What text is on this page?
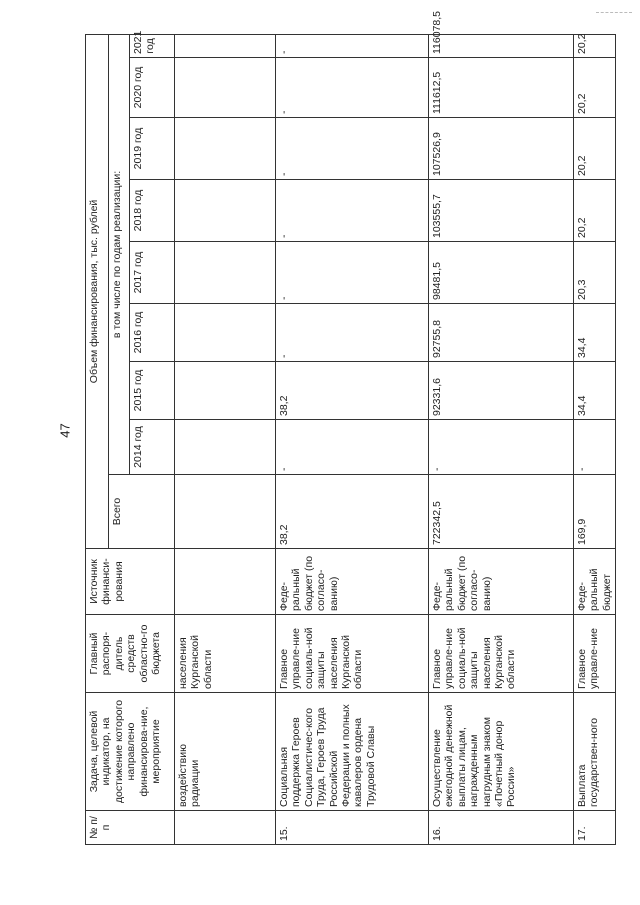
47
№ п/п	Задача, целевой индикатор, на достижение которого направлено финансирова-ние, мероприятие	Главный распоря-дитель средств областно-го бюджета	Источник финанси-рования	Объем финансирования, тыс. рублей								
				Всего	в том числе по годам реализации:							
					2014 год	2015 год	2016 год	2017 год	2018 год	2019 год	2020 год	2021 год
	воздействию радиации	населения Курганской области										
15.	Социальная поддержка Героев Социалистичес-кого Труда, Героев Труда Российской Федерации и полных кавалеров ордена Трудовой Славы	Главное управле-ние социаль-ной защиты населения Курганской области	Феде-ральный бюджет (по согласо-ванию)	38,2	-	38,2	-	-	-	-	-	-
16.	Осуществление ежегодной денежной выплаты лицам, награжденным нагрудным знаком «Почетный донор России»	Главное управле-ние социаль-ной защиты населения Курганской области	Феде-ральный бюджет (по согласо-ванию)	722342,5	-	92331,6	92755,8	98481,5	103555,7	107526,9	111612,5	116078,5
17.	Выплата государствен-ного	Главное управле-ние	Феде-ральный бюджет	169,9	-	34,4	34,4	20,3	20,2	20,2	20,2	20,2
